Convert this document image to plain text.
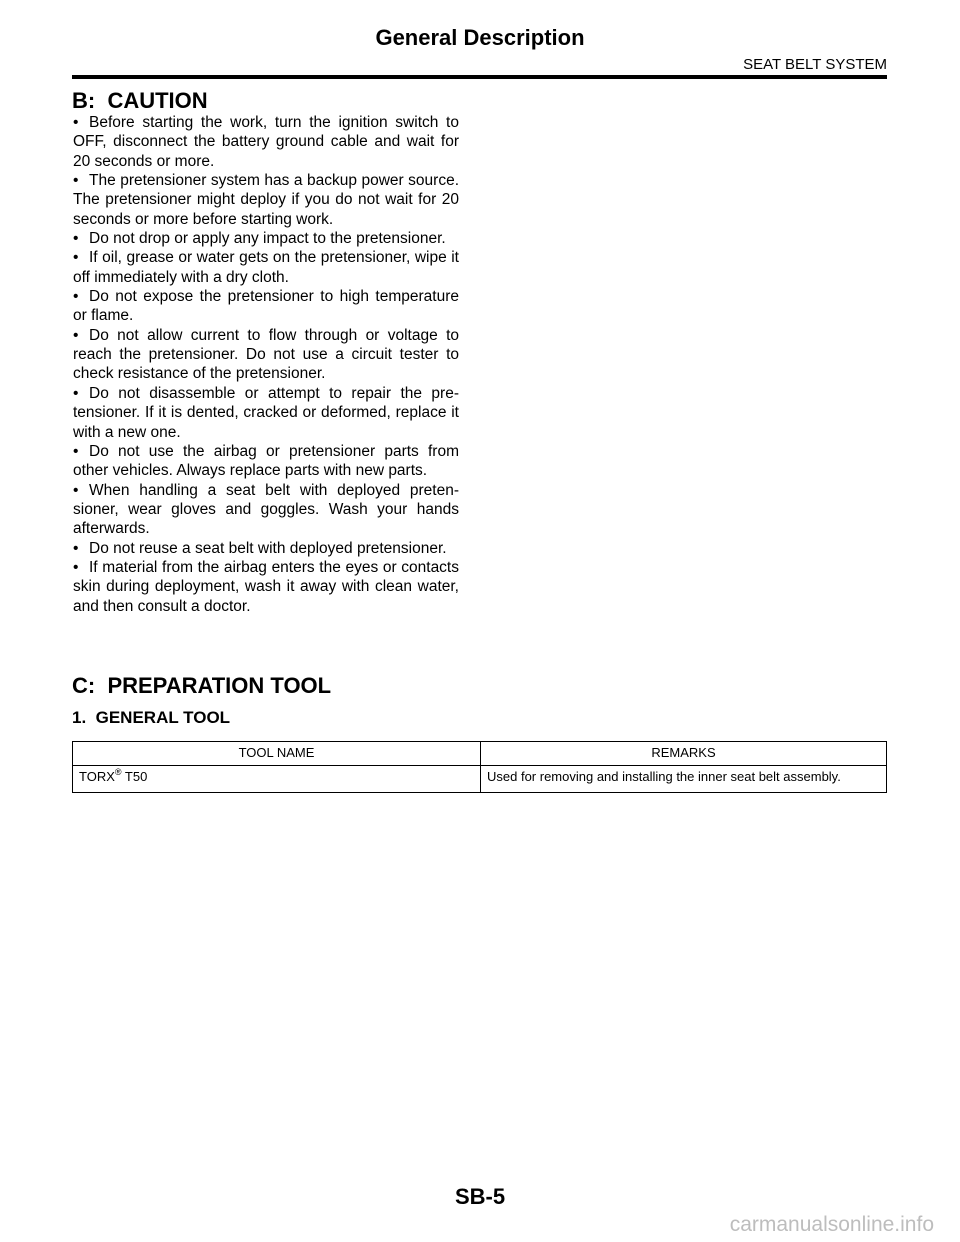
General Description
SEAT BELT SYSTEM
B:  CAUTION
• Before starting the work, turn the ignition switch to OFF, disconnect the battery ground cable and wait for 20 seconds or more.
• The pretensioner system has a backup power source. The pretensioner might deploy if you do not wait for 20 seconds or more before starting work.
• Do not drop or apply any impact to the pretensioner.
• If oil, grease or water gets on the pretensioner, wipe it off immediately with a dry cloth.
• Do not expose the pretensioner to high temperature or flame.
• Do not allow current to flow through or voltage to reach the pretensioner. Do not use a circuit tester to check resistance of the pretensioner.
• Do not disassemble or attempt to repair the pretensioner. If it is dented, cracked or deformed, replace it with a new one.
• Do not use the airbag or pretensioner parts from other vehicles. Always replace parts with new parts.
• When handling a seat belt with deployed pretensioner, wear gloves and goggles. Wash your hands afterwards.
• Do not reuse a seat belt with deployed pretensioner.
• If material from the airbag enters the eyes or contacts skin during deployment, wash it away with clean water, and then consult a doctor.
C:  PREPARATION TOOL
1.  GENERAL TOOL
TOOL NAME	REMARKS
TORX® T50	Used for removing and installing the inner seat belt assembly.
SB-5
carmanualsonline.info
